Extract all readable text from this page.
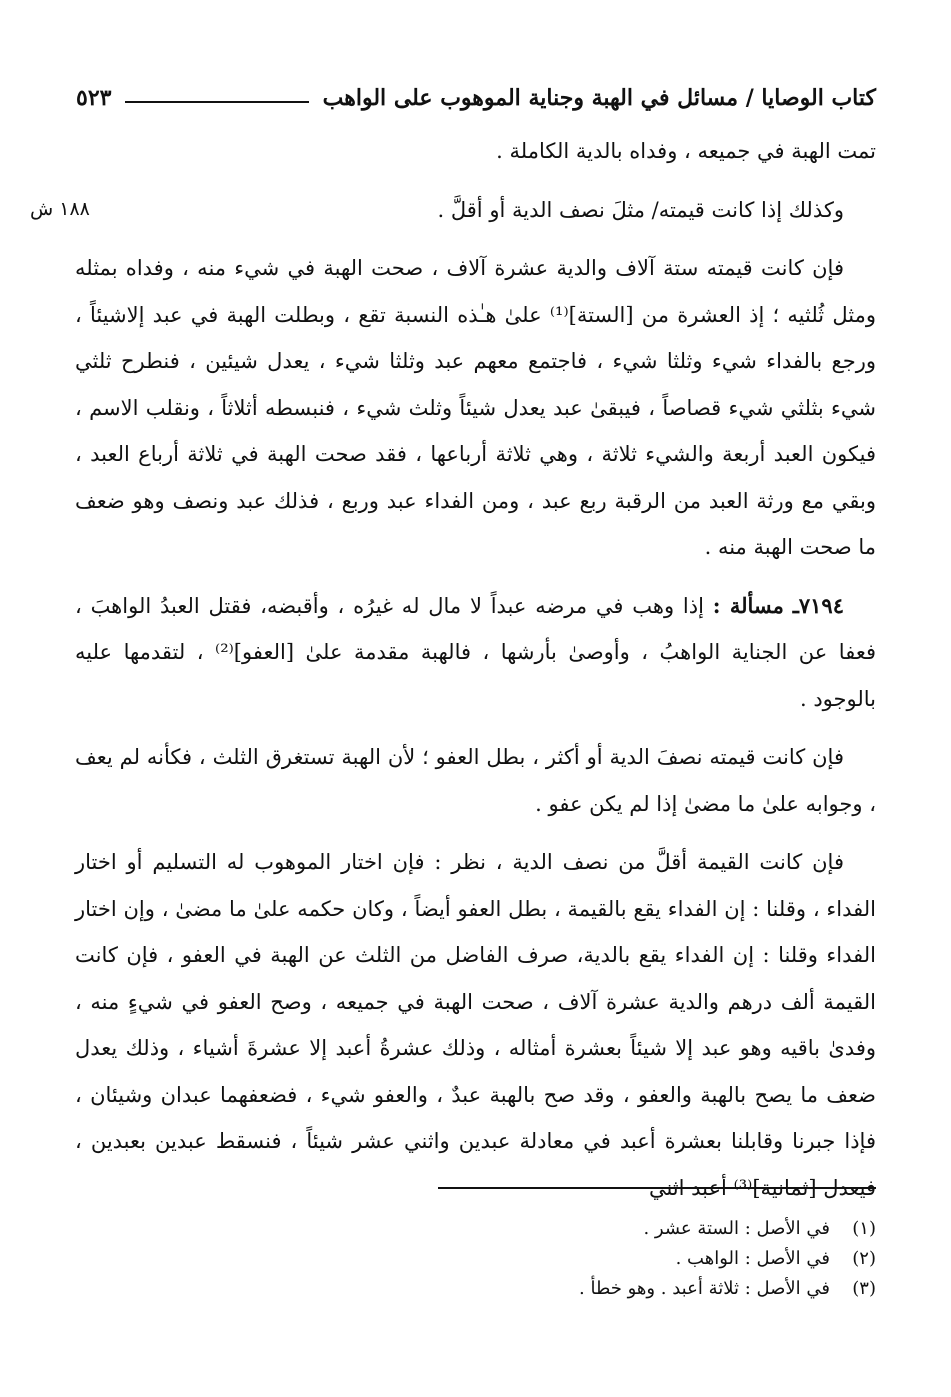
كتاب الوصايا / مسائل في الهبة وجناية الموهوب على الواهب
٥٢٣
١٨٨ ش

تمت الهبة في جميعه ، وفداه بالدية الكاملة .

وكذلك إذا كانت قيمته/ مثلَ نصف الدية أو أقلَّ .

فإن كانت قيمته ستة آلاف والدية عشرة آلاف ، صحت الهبة في شيء منه ، وفداه بمثله ومثل ثُلثيه ؛ إذ العشرة من [الستة]⁽¹⁾ علىٰ هـٰذه النسبة تقع ، وبطلت الهبة في عبد إلاشيئاً ، ورجع بالفداء شيء وثلثا شيء ، فاجتمع معهم عبد وثلثا شيء ، يعدل شيئين ، فنطرح ثلثي شيء بثلثي شيء قصاصاً ، فيبقىٰ عبد يعدل شيئاً وثلث شيء ، فنبسطه أثلاثاً ، ونقلب الاسم ، فيكون العبد أربعة والشيء ثلاثة ، وهي ثلاثة أرباعها ، فقد صحت الهبة في ثلاثة أرباع العبد ، وبقي مع ورثة العبد من الرقبة ربع عبد ، ومن الفداء عبد وربع ، فذلك عبد ونصف وهو ضعف ما صحت الهبة منه .

٧١٩٤ـ مسألة : إذا وهب في مرضه عبداً لا مال له غيرُه ، وأقبضه، فقتل العبدُ الواهبَ ، فعفا عن الجناية الواهبُ ، وأوصىٰ بأرشها ، فالهبة مقدمة علىٰ [العفو]⁽²⁾ ، لتقدمها عليه بالوجود .

فإن كانت قيمته نصفَ الدية أو أكثر ، بطل العفو ؛ لأن الهبة تستغرق الثلث ، فكأنه لم يعف ، وجوابه علىٰ ما مضىٰ إذا لم يكن عفو .

فإن كانت القيمة أقلَّ من نصف الدية ، نظر : فإن اختار الموهوب له التسليم أو اختار الفداء ، وقلنا : إن الفداء يقع بالقيمة ، بطل العفو أيضاً ، وكان حكمه علىٰ ما مضىٰ ، وإن اختار الفداء وقلنا : إن الفداء يقع بالدية، صرف الفاضل من الثلث عن الهبة في العفو ، فإن كانت القيمة ألف درهم والدية عشرة آلاف ، صحت الهبة في جميعه ، وصح العفو في شيءٍ منه ، وفدىٰ باقيه وهو عبد إلا شيئاً بعشرة أمثاله ، وذلك عشرةُ أعبد إلا عشرةَ أشياء ، وذلك يعدل ضعف ما يصح بالهبة والعفو ، وقد صح بالهبة عبدٌ ، والعفو شيء ، فضعفهما عبدان وشيئان ، فإذا جبرنا وقابلنا بعشرة أعبد في معادلة عبدين واثني عشر شيئاً ، فنسقط عبدين بعبدين ، فيعدل [ثمانية]⁽³⁾ أعبد اثني

(١)
في الأصل : الستة عشر .
(٢)
في الأصل : الواهب .
(٣)
في الأصل : ثلاثة أعبد . وهو خطأ .
